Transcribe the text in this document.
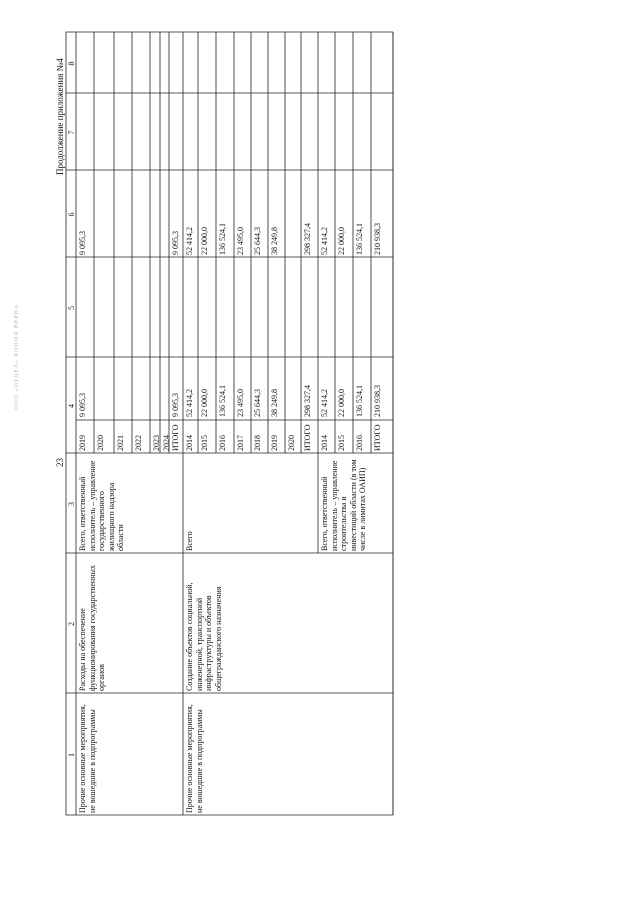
ООО «ОТДЕЛ» КОПИЯ ВЕРНА
23
Продолжение приложения №4
1
2
3
4
5
6
7
8
Прочие основные мероприятия, не вошедшие в подпрограммы
Расходы на обеспечение функционирования государственных органов
Всего, ответственный исполнитель – управление государственного жилищного надзора области
2019
9 095,3
9 095,3
2020 2021 2022 2023 2024 ИТОГО
9 095,3
9 095,3
Прочие основные мероприятия, не вошедшие в подпрограммы
Создание объектов социальной, инженерной, транспортной инфраструктуры и объектов общегражданского назначения
Всего
2014
52 414,2
52 414,2
2015
22 000,0
22 000,0
2016
136 524,1
136 524,1
2017
23 495,0
23 495,0
2018
25 644,3
25 644,3
2019
38 249,8
38 249,8
2020 ИТОГО
298 327,4
298 327,4
Всего, ответственный исполнитель – управление строительства и инвестиций области (в том числе в лимитах ОАИП)
2014
52 414,2
52 414,2
2015
22 000,0
22 000,0
2016
136 524,1
136 524,1
ИТОГО
210 938,3
210 938,3
